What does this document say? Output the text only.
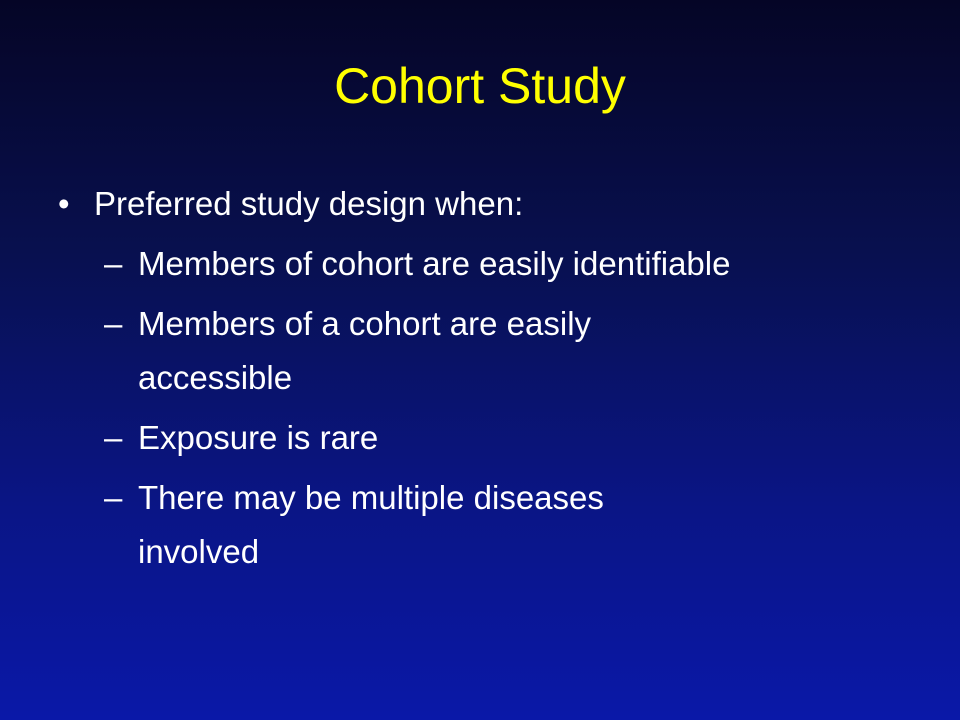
Cohort Study
• Preferred study design when:
– Members of cohort are easily identifiable
– Members of a cohort are easily
accessible
– Exposure is rare
– There may be multiple diseases
involved
